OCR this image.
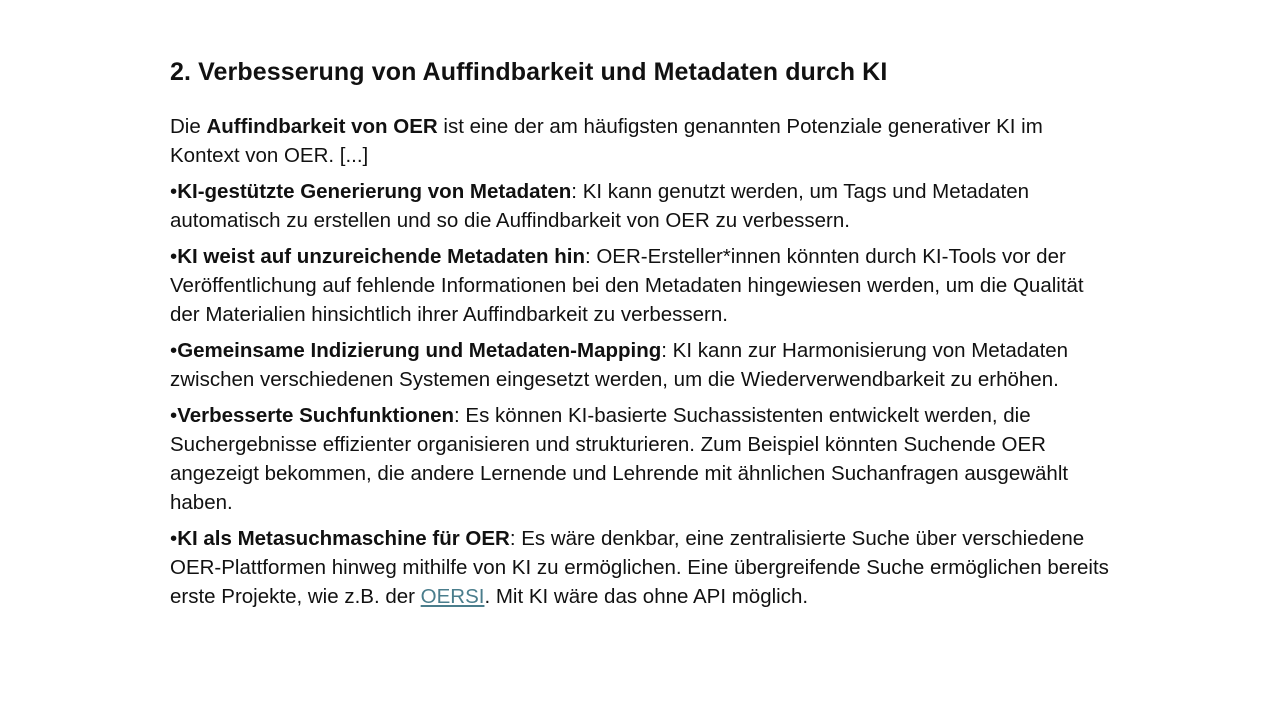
2. Verbesserung von Auffindbarkeit und Metadaten durch KI

Die Auffindbarkeit von OER ist eine der am häufigsten genannten Potenziale generativer KI im Kontext von OER. [...]

•KI-gestützte Generierung von Metadaten: KI kann genutzt werden, um Tags und Metadaten automatisch zu erstellen und so die Auffindbarkeit von OER zu verbessern.

•KI weist auf unzureichende Metadaten hin: OER-Ersteller*innen könnten durch KI-Tools vor der Veröffentlichung auf fehlende Informationen bei den Metadaten hingewiesen werden, um die Qualität der Materialien hinsichtlich ihrer Auffindbarkeit zu verbessern.

•Gemeinsame Indizierung und Metadaten-Mapping: KI kann zur Harmonisierung von Metadaten zwischen verschiedenen Systemen eingesetzt werden, um die Wiederverwendbarkeit zu erhöhen.

•Verbesserte Suchfunktionen: Es können KI-basierte Suchassistenten entwickelt werden, die Suchergebnisse effizienter organisieren und strukturieren. Zum Beispiel könnten Suchende OER angezeigt bekommen, die andere Lernende und Lehrende mit ähnlichen Suchanfragen ausgewählt haben.

•KI als Metasuchmaschine für OER: Es wäre denkbar, eine zentralisierte Suche über verschiedene OER-Plattformen hinweg mithilfe von KI zu ermöglichen. Eine übergreifende Suche ermöglichen bereits erste Projekte, wie z.B. der OERSI. Mit KI wäre das ohne API möglich.
